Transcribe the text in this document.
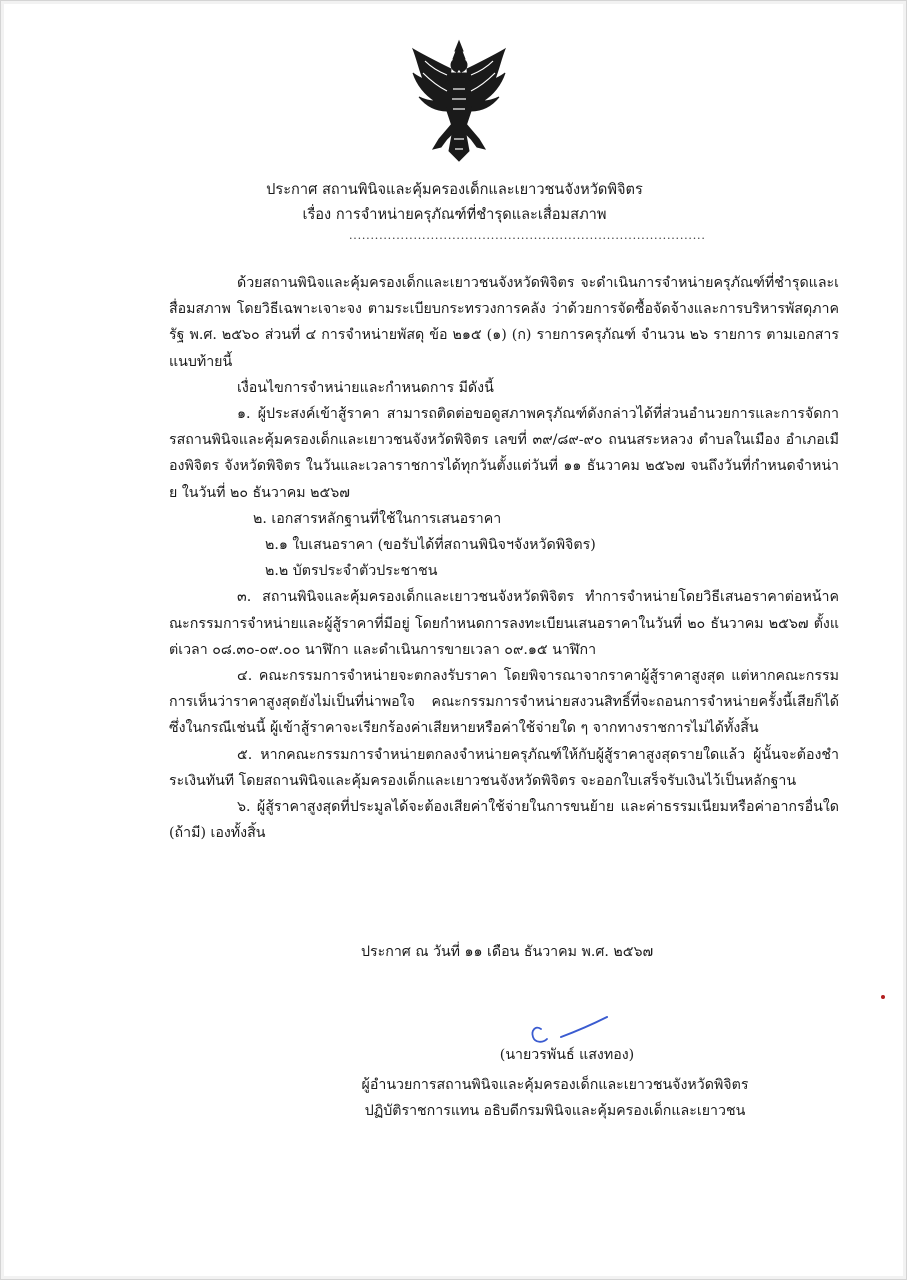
ประกาศ สถานพินิจและคุ้มครองเด็กและเยาวชนจังหวัดพิจิตร
เรื่อง การจำหน่ายครุภัณฑ์ที่ชำรุดและเสื่อมสภาพ
...................................................................................

ด้วยสถานพินิจและคุ้มครองเด็กและเยาวชนจังหวัดพิจิตร จะดำเนินการจำหน่ายครุภัณฑ์ที่ชำรุดและเสื่อมสภาพ โดยวิธีเฉพาะเจาะจง ตามระเบียบกระทรวงการคลัง ว่าด้วยการจัดซื้อจัดจ้างและการบริหารพัสดุภาครัฐ พ.ศ. ๒๕๖๐ ส่วนที่ ๔ การจำหน่ายพัสดุ ข้อ ๒๑๕ (๑) (ก) รายการครุภัณฑ์ จำนวน ๒๖ รายการ ตามเอกสารแนบท้ายนี้

เงื่อนไขการจำหน่ายและกำหนดการ มีดังนี้

๑. ผู้ประสงค์เข้าสู้ราคา สามารถติดต่อขอดูสภาพครุภัณฑ์ดังกล่าวได้ที่ส่วนอำนวยการและการจัดการสถานพินิจและคุ้มครองเด็กและเยาวชนจังหวัดพิจิตร เลขที่ ๓๙/๘๙-๙๐ ถนนสระหลวง ตำบลในเมือง อำเภอเมืองพิจิตร จังหวัดพิจิตร ในวันและเวลาราชการได้ทุกวันตั้งแต่วันที่ ๑๑ ธันวาคม ๒๕๖๗ จนถึงวันที่กำหนดจำหน่าย ในวันที่ ๒๐ ธันวาคม ๒๕๖๗

๒. เอกสารหลักฐานที่ใช้ในการเสนอราคา

๒.๑ ใบเสนอราคา (ขอรับได้ที่สถานพินิจฯจังหวัดพิจิตร)

๒.๒ บัตรประจำตัวประชาชน

๓. สถานพินิจและคุ้มครองเด็กและเยาวชนจังหวัดพิจิตร ทำการจำหน่ายโดยวิธีเสนอราคาต่อหน้าคณะกรรมการจำหน่ายและผู้สู้ราคาที่มีอยู่ โดยกำหนดการลงทะเบียนเสนอราคาในวันที่ ๒๐ ธันวาคม ๒๕๖๗ ตั้งแต่เวลา ๐๘.๓๐-๐๙.๐๐ นาฬิกา และดำเนินการขายเวลา ๐๙.๑๕ นาฬิกา

๔. คณะกรรมการจำหน่ายจะตกลงรับราคา โดยพิจารณาจากราคาผู้สู้ราคาสูงสุด แต่หากคณะกรรมการเห็นว่าราคาสูงสุดยังไม่เป็นที่น่าพอใจ คณะกรรมการจำหน่ายสงวนสิทธิ์ที่จะถอนการจำหน่ายครั้งนี้เสียก็ได้ ซึ่งในกรณีเช่นนี้ ผู้เข้าสู้ราคาจะเรียกร้องค่าเสียหายหรือค่าใช้จ่ายใด ๆ จากทางราชการไม่ได้ทั้งสิ้น

๕. หากคณะกรรมการจำหน่ายตกลงจำหน่ายครุภัณฑ์ให้กับผู้สู้ราคาสูงสุดรายใดแล้ว ผู้นั้นจะต้องชำระเงินทันที โดยสถานพินิจและคุ้มครองเด็กและเยาวชนจังหวัดพิจิตร จะออกใบเสร็จรับเงินไว้เป็นหลักฐาน

๖. ผู้สู้ราคาสูงสุดที่ประมูลได้จะต้องเสียค่าใช้จ่ายในการขนย้าย และค่าธรรมเนียมหรือค่าอากรอื่นใด (ถ้ามี) เองทั้งสิ้น

ประกาศ ณ วันที่ ๑๑ เดือน ธันวาคม พ.ศ. ๒๕๖๗
(นายวรพันธ์ แสงทอง)
ผู้อำนวยการสถานพินิจและคุ้มครองเด็กและเยาวชนจังหวัดพิจิตร
ปฏิบัติราชการแทน อธิบดีกรมพินิจและคุ้มครองเด็กและเยาวชน
